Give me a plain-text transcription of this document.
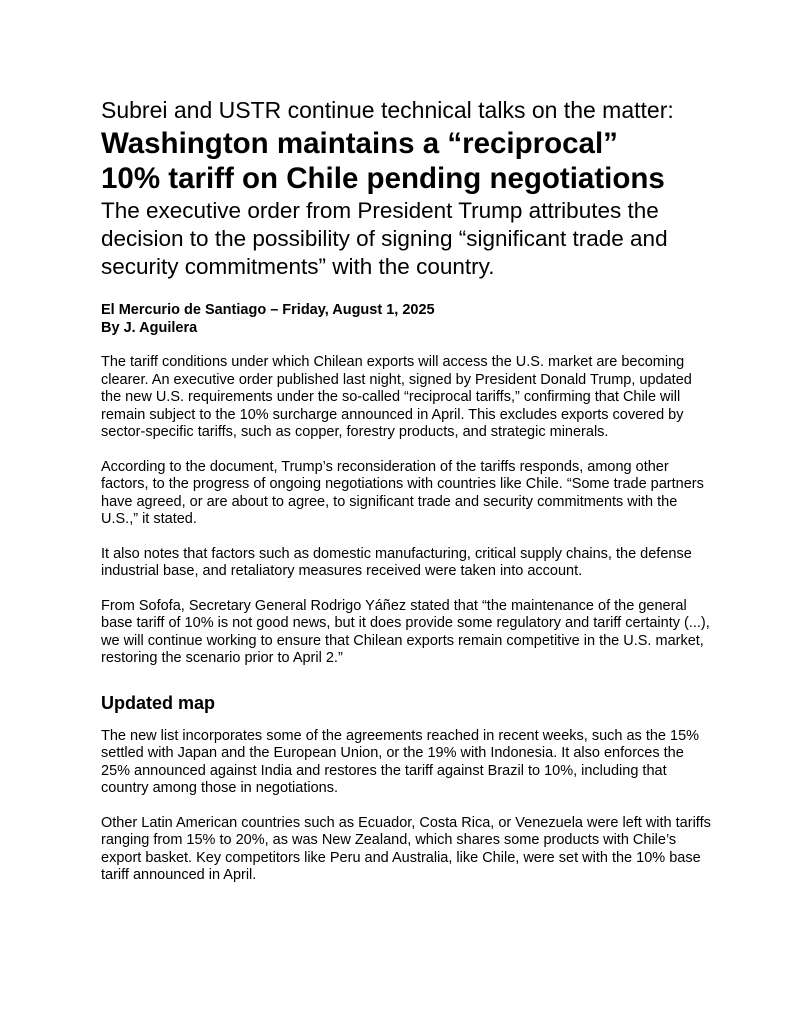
Subrei and USTR continue technical talks on the matter:
Washington maintains a “reciprocal”
10% tariff on Chile pending negotiations
The executive order from President Trump attributes the decision to the possibility of signing “significant trade and security commitments” with the country.
El Mercurio de Santiago – Friday, August 1, 2025
By J. Aguilera

The tariff conditions under which Chilean exports will access the U.S. market are becoming clearer. An executive order published last night, signed by President Donald Trump, updated the new U.S. requirements under the so-called “reciprocal tariffs,” confirming that Chile will remain subject to the 10% surcharge announced in April. This excludes exports covered by sector-specific tariffs, such as copper, forestry products, and strategic minerals.

According to the document, Trump’s reconsideration of the tariffs responds, among other factors, to the progress of ongoing negotiations with countries like Chile. “Some trade partners have agreed, or are about to agree, to significant trade and security commitments with the U.S.,” it stated.

It also notes that factors such as domestic manufacturing, critical supply chains, the defense industrial base, and retaliatory measures received were taken into account.

From Sofofa, Secretary General Rodrigo Yáñez stated that “the maintenance of the general base tariff of 10% is not good news, but it does provide some regulatory and tariff certainty (...), we will continue working to ensure that Chilean exports remain competitive in the U.S. market, restoring the scenario prior to April 2.”

Updated map

The new list incorporates some of the agreements reached in recent weeks, such as the 15% settled with Japan and the European Union, or the 19% with Indonesia. It also enforces the 25% announced against India and restores the tariff against Brazil to 10%, including that country among those in negotiations.

Other Latin American countries such as Ecuador, Costa Rica, or Venezuela were left with tariffs ranging from 15% to 20%, as was New Zealand, which shares some products with Chile’s export basket. Key competitors like Peru and Australia, like Chile, were set with the 10% base tariff announced in April.
